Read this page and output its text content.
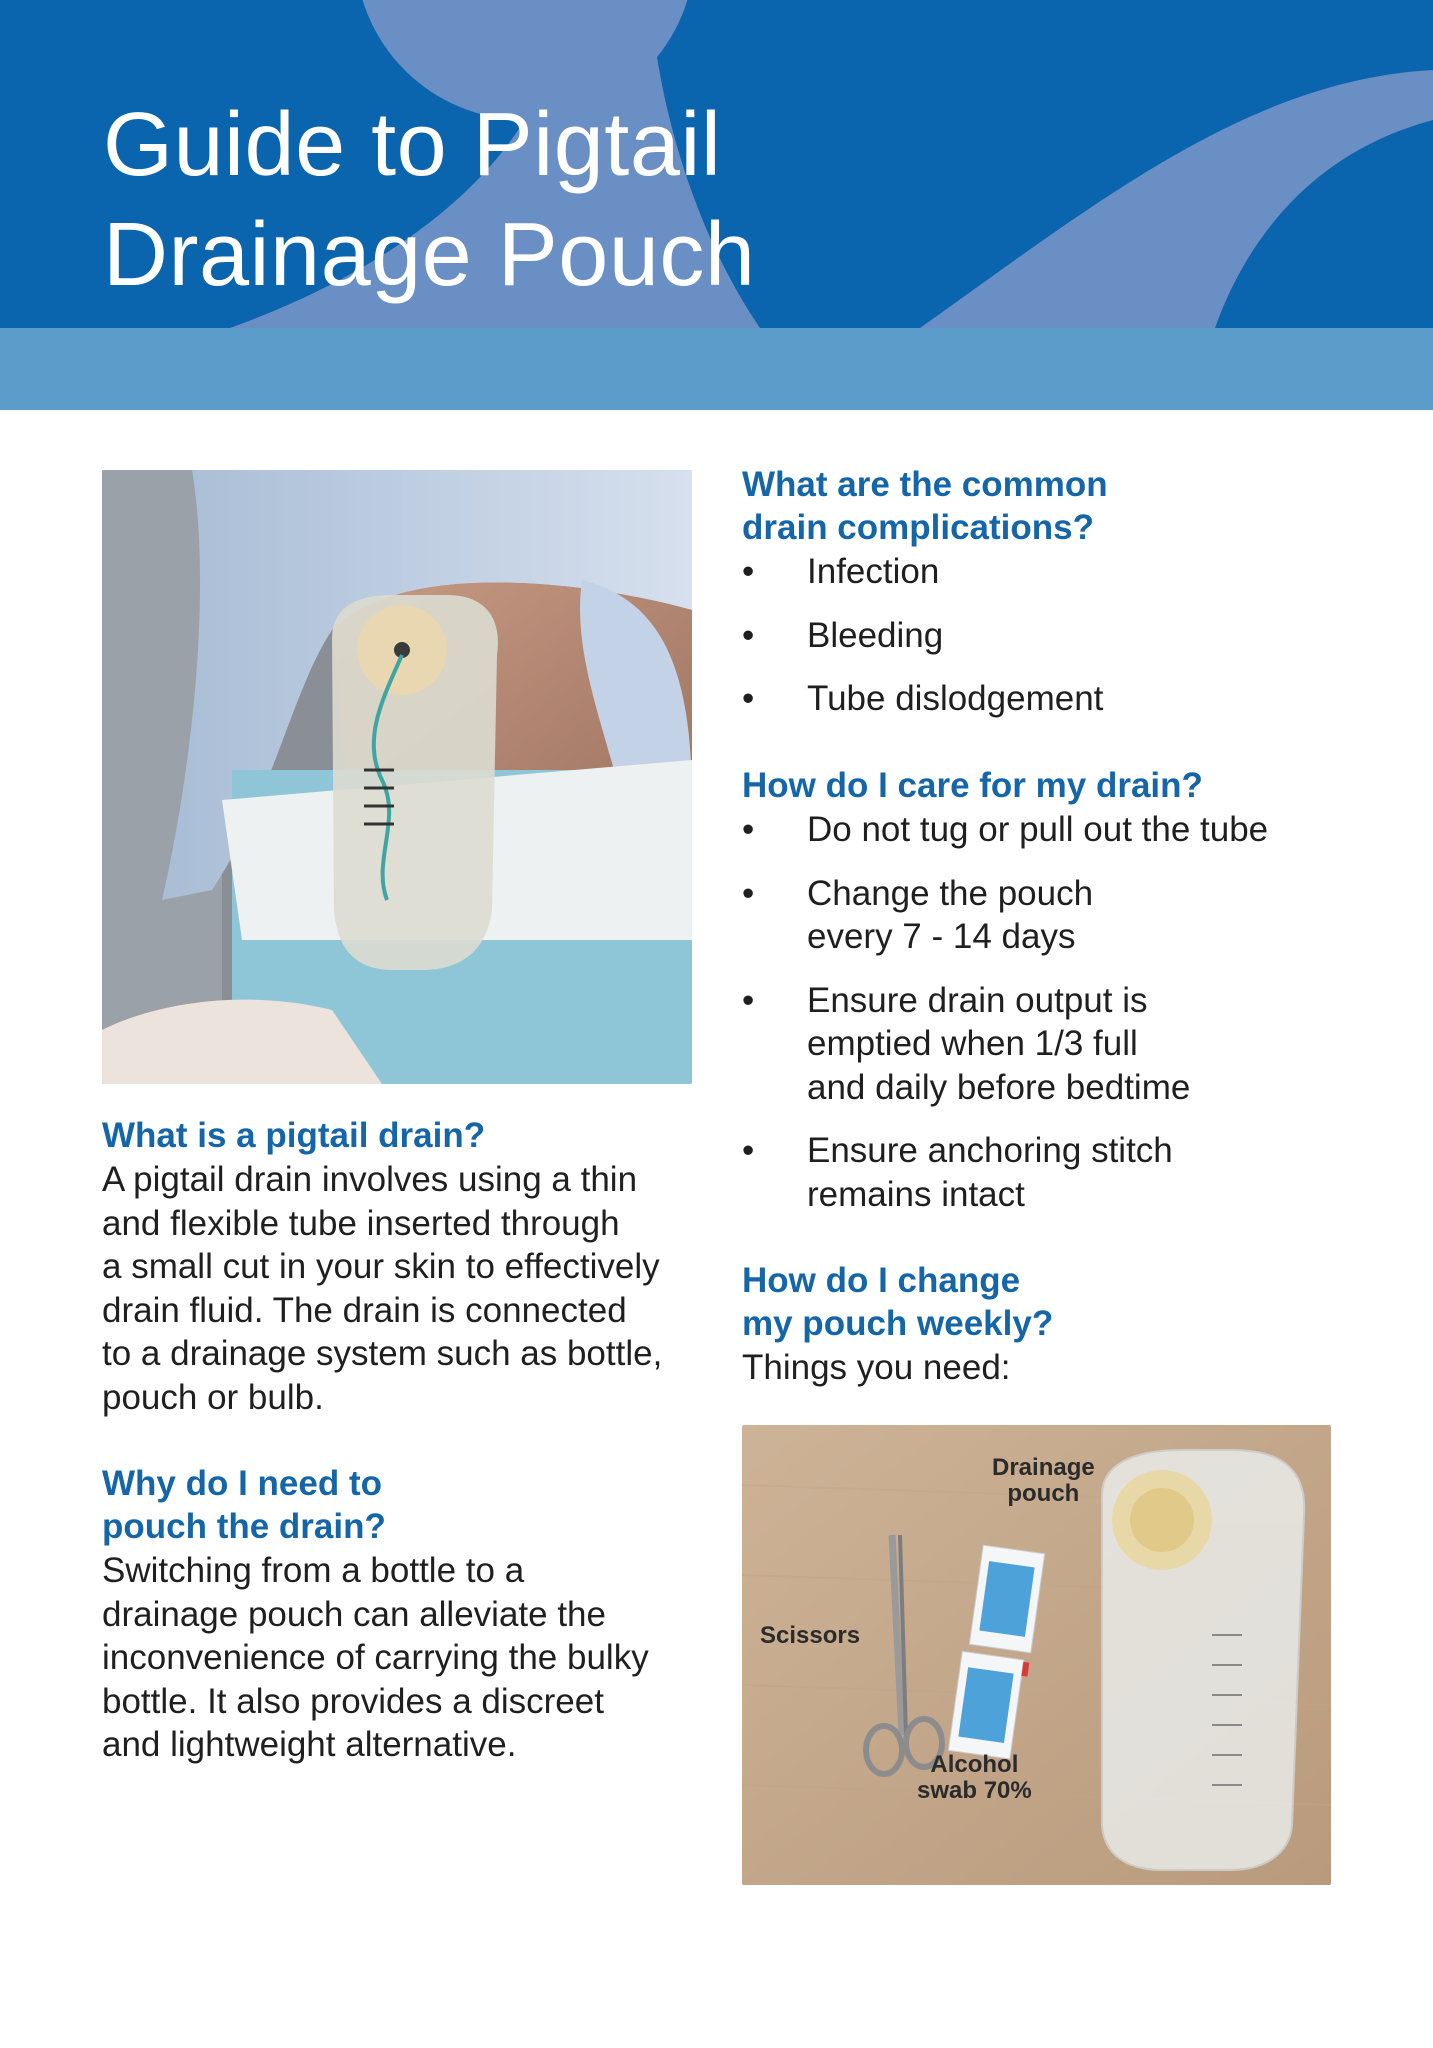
Guide to Pigtail
Drainage Pouch
What is a pigtail drain?

A pigtail drain involves using a thin
and flexible tube inserted through
a small cut in your skin to effectively
drain fluid. The drain is connected
to a drainage system such as bottle,
pouch or bulb.

Why do I need to
pouch the drain?

Switching from a bottle to a
drainage pouch can alleviate the
inconvenience of carrying the bulky
bottle. It also provides a discreet
and lightweight alternative.

What are the common
drain complications?
• Infection
• Bleeding
• Tube dislodgement
How do I care for my drain?
• Do not tug or pull out the tube
• Change the pouch
every 7 - 14 days
• Ensure drain output is
emptied when 1/3 full
and daily before bedtime
• Ensure anchoring stitch
remains intact
How do I change
my pouch weekly?

Things you need:

Scissors
Drainage
pouch
Alcohol
swab 70%
